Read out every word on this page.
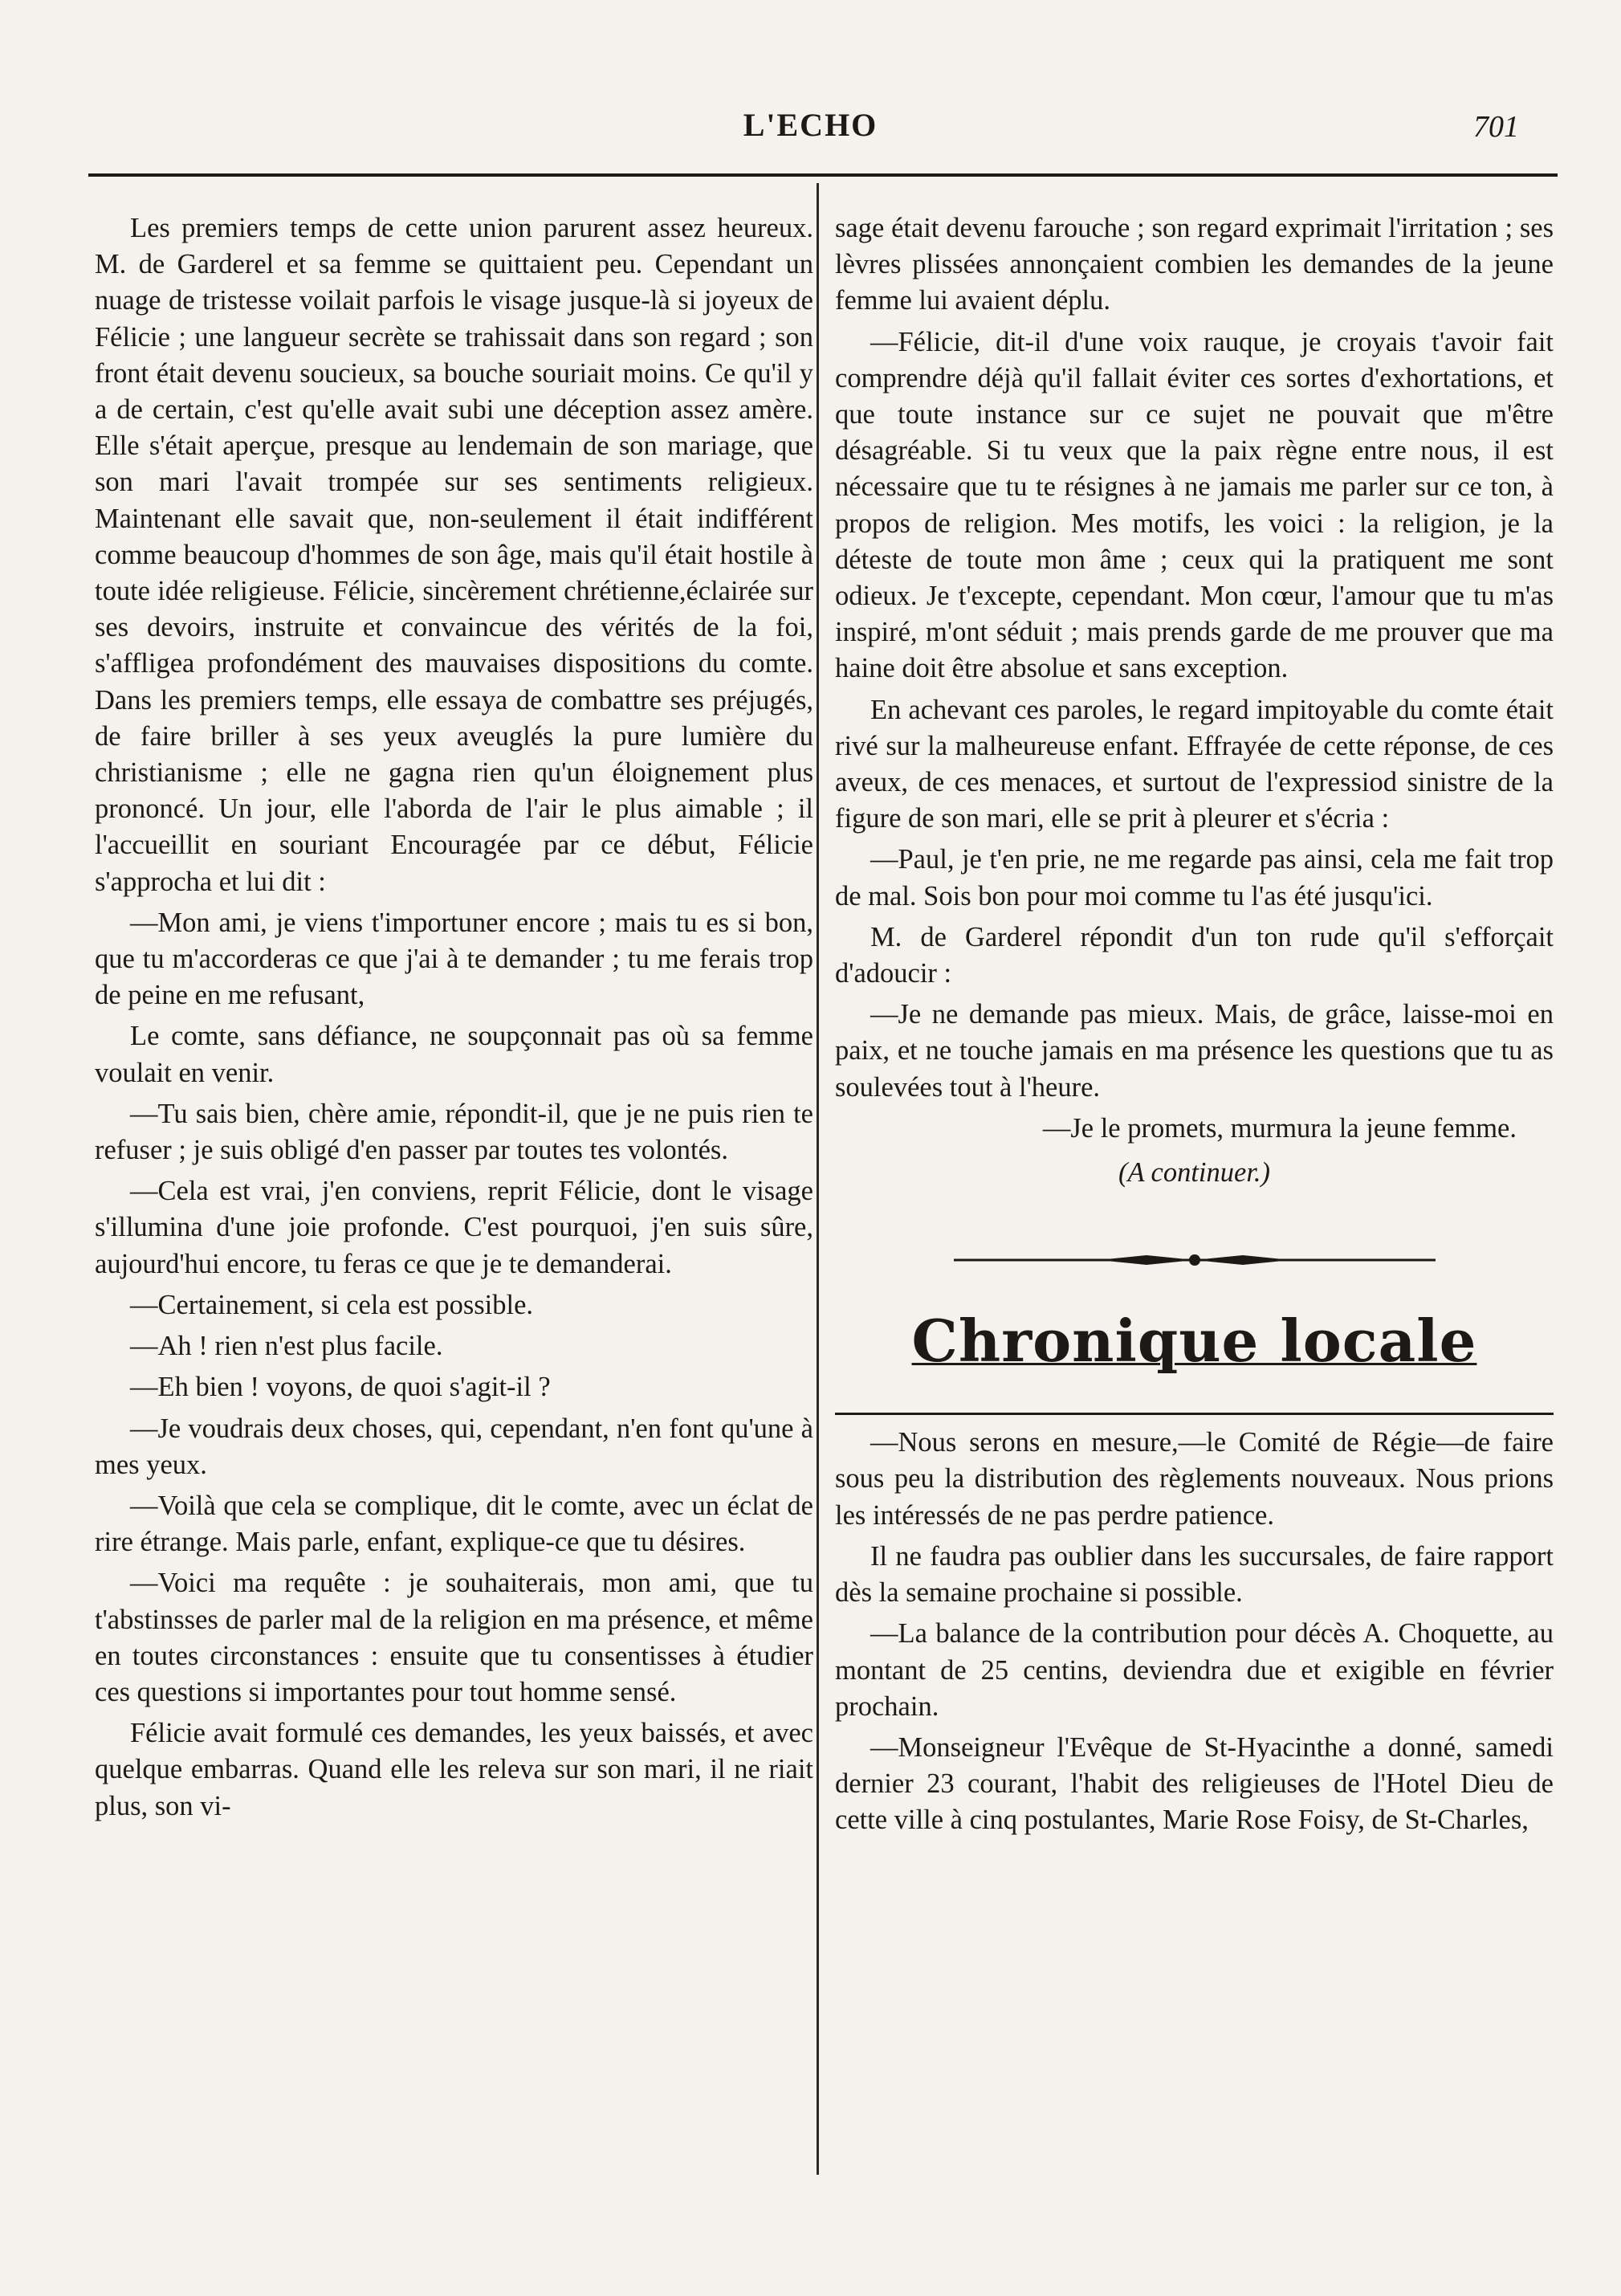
L'ECHO	701

Les premiers temps de cette union parurent assez heureux. M. de Garderel et sa femme se quittaient peu. Cependant un nuage de tristesse voilait parfois le visage jusque-là si joyeux de Félicie ; une langueur secrète se trahissait dans son regard ; son front était devenu soucieux, sa bouche souriait moins. Ce qu'il y a de certain, c'est qu'elle avait subi une déception assez amère. Elle s'était aperçue, presque au lendemain de son mariage, que son mari l'avait trompée sur ses sentiments religieux. Maintenant elle savait que, non-seulement il était indifférent comme beaucoup d'hommes de son âge, mais qu'il était hostile à toute idée religieuse. Félicie, sincèrement chrétienne,éclairée sur ses devoirs, instruite et convaincue des vérités de la foi, s'affligea profondément des mauvaises dispositions du comte. Dans les premiers temps, elle essaya de combattre ses préjugés, de faire briller à ses yeux aveuglés la pure lumière du christianisme ; elle ne gagna rien qu'un éloignement plus prononcé. Un jour, elle l'aborda de l'air le plus aimable ; il l'accueillit en souriant Encouragée par ce début, Félicie s'approcha et lui dit :

—Mon ami, je viens t'importuner encore ; mais tu es si bon, que tu m'accorderas ce que j'ai à te demander ; tu me ferais trop de peine en me refusant,

Le comte, sans défiance, ne soupçonnait pas où sa femme voulait en venir.

—Tu sais bien, chère amie, répondit-il, que je ne puis rien te refuser ; je suis obligé d'en passer par toutes tes volontés.

—Cela est vrai, j'en conviens, reprit Félicie, dont le visage s'illumina d'une joie profonde. C'est pourquoi, j'en suis sûre, aujourd'hui encore, tu feras ce que je te demanderai.

—Certainement, si cela est possible.

—Ah ! rien n'est plus facile.

—Eh bien ! voyons, de quoi s'agit-il ?

—Je voudrais deux choses, qui, cependant, n'en font qu'une à mes yeux.

—Voilà que cela se complique, dit le comte, avec un éclat de rire étrange. Mais parle, enfant, explique-ce que tu désires.

—Voici ma requête : je souhaiterais, mon ami, que tu t'abstinsses de parler mal de la religion en ma présence, et même en toutes circonstances : ensuite que tu consentisses à étudier ces questions si importantes pour tout homme sensé.

Félicie avait formulé ces demandes, les yeux baissés, et avec quelque embarras. Quand elle les releva sur son mari, il ne riait plus, son vi-

sage était devenu farouche ; son regard exprimait l'irritation ; ses lèvres plissées annonçaient combien les demandes de la jeune femme lui avaient déplu.

—Félicie, dit-il d'une voix rauque, je croyais t'avoir fait comprendre déjà qu'il fallait éviter ces sortes d'exhortations, et que toute instance sur ce sujet ne pouvait que m'être désagréable. Si tu veux que la paix règne entre nous, il est nécessaire que tu te résignes à ne jamais me parler sur ce ton, à propos de religion. Mes motifs, les voici : la religion, je la déteste de toute mon âme ; ceux qui la pratiquent me sont odieux. Je t'excepte, cependant. Mon cœur, l'amour que tu m'as inspiré, m'ont séduit ; mais prends garde de me prouver que ma haine doit être absolue et sans exception.

En achevant ces paroles, le regard impitoyable du comte était rivé sur la malheureuse enfant. Effrayée de cette réponse, de ces aveux, de ces menaces, et surtout de l'expressiod sinistre de la figure de son mari, elle se prit à pleurer et s'écria :

—Paul, je t'en prie, ne me regarde pas ainsi, cela me fait trop de mal. Sois bon pour moi comme tu l'as été jusqu'ici.

M. de Garderel répondit d'un ton rude qu'il s'efforçait d'adoucir :

—Je ne demande pas mieux. Mais, de grâce, laisse-moi en paix, et ne touche jamais en ma présence les questions que tu as soulevées tout à l'heure.

—Je le promets, murmura la jeune femme.

(A continuer.)
Chronique locale

—Nous serons en mesure,—le Comité de Régie—de faire sous peu la distribution des règlements nouveaux. Nous prions les intéressés de ne pas perdre patience.

Il ne faudra pas oublier dans les succursales, de faire rapport dès la semaine prochaine si possible.

—La balance de la contribution pour décès A. Choquette, au montant de 25 centins, deviendra due et exigible en février prochain.

—Monseigneur l'Evêque de St-Hyacinthe a donné, samedi dernier 23 courant, l'habit des religieuses de l'Hotel Dieu de cette ville à cinq postulantes, Marie Rose Foisy, de St-Charles,
